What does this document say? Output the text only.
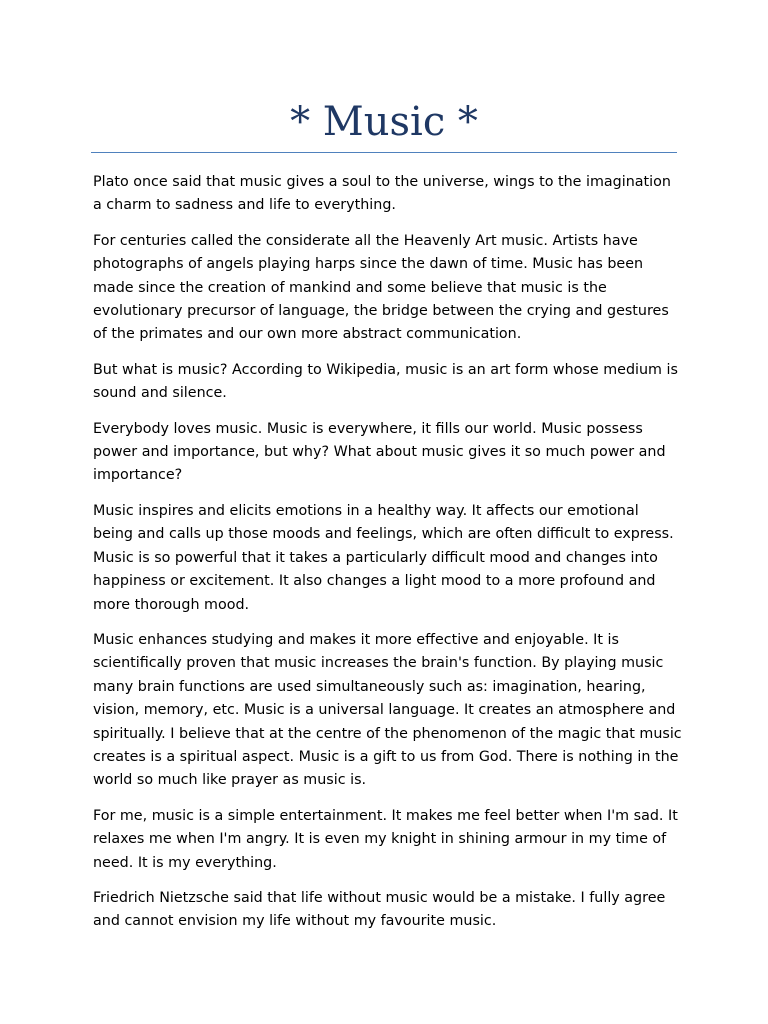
* Music *

Plato once said that music gives a soul to the universe, wings to the imagination a charm to sadness and life to everything.

For centuries called the considerate all the Heavenly Art music. Artists have photographs of angels playing harps since the dawn of time. Music has been made since the creation of mankind and some believe that music is the evolutionary precursor of language, the bridge between the crying and gestures of the primates and our own more abstract communication.

But what is music? According to Wikipedia, music is an art form whose medium is sound and silence.

Everybody loves music. Music is everywhere, it fills our world. Music possess power and importance, but why? What about music gives it so much power and importance?

Music inspires and elicits emotions in a healthy way. It affects our emotional being and calls up those moods and feelings, which are often difficult to express. Music is so powerful that it takes a particularly difficult mood and changes into happiness or excitement. It also changes a light mood to a more profound and more thorough mood.

Music enhances studying and makes it more effective and enjoyable. It is scientifically proven that music increases the brain's function. By playing music many brain functions are used simultaneously such as: imagination, hearing, vision, memory, etc. Music is a universal language. It creates an atmosphere and spiritually. I believe that at the centre of the phenomenon of the magic that music creates is a spiritual aspect. Music is a gift to us from God. There is nothing in the world so much like prayer as music is.

For me, music is a simple entertainment. It makes me feel better when I'm sad. It relaxes me when I'm angry. It is even my knight in shining armour in my time of need. It is my everything.

Friedrich Nietzsche said that life without music would be a mistake. I fully agree and cannot envision my life without my favourite music.
